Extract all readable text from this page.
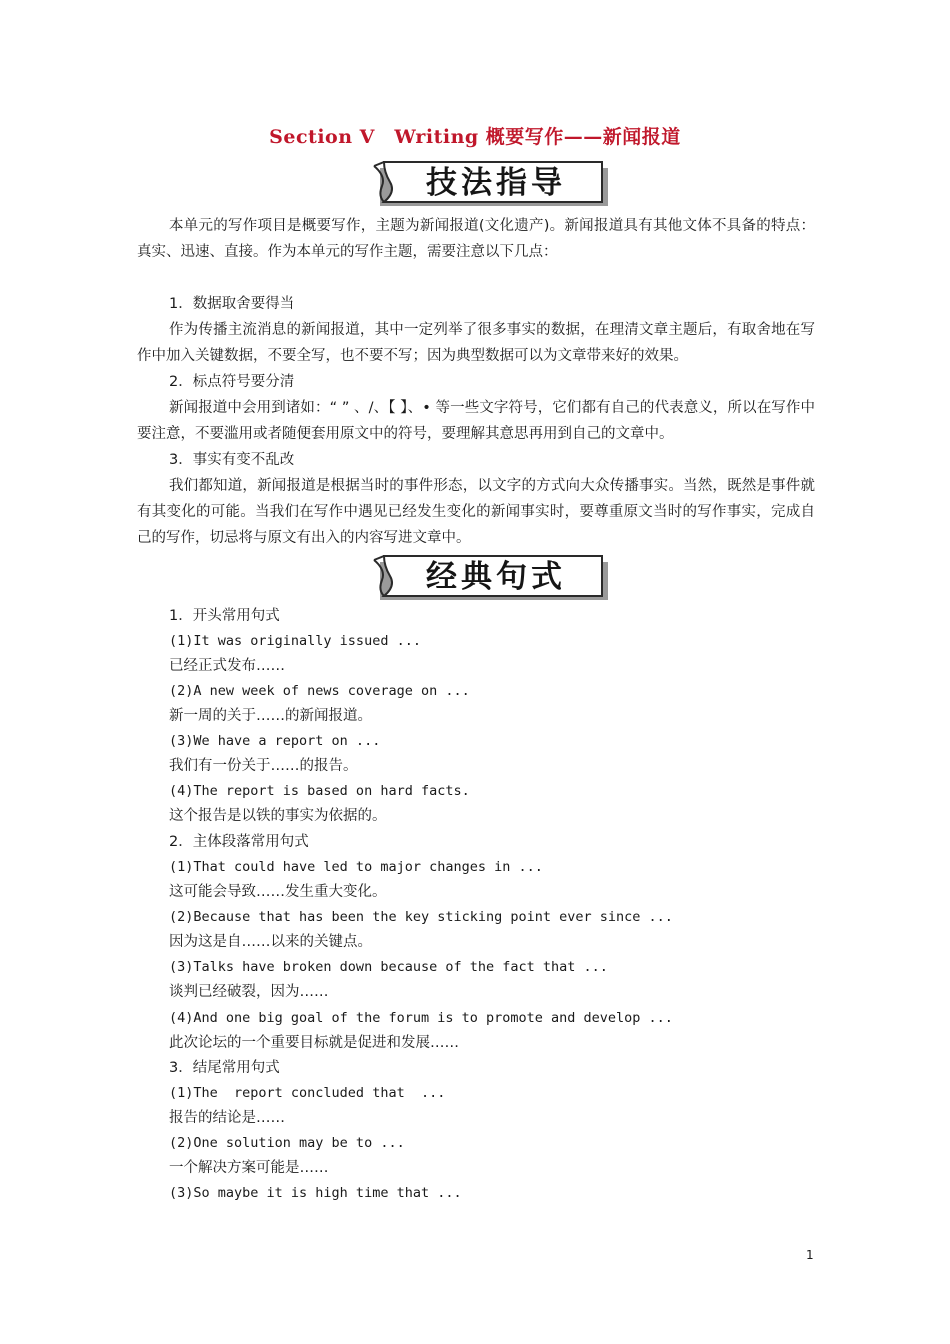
Section Ⅴ　Writing 概要写作——新闻报道
技法指导
本单元的写作项目是概要写作，主题为新闻报道(文化遗产)。新闻报道具有其他文体不具备的特点：真实、迅速、直接。作为本单元的写作主题，需要注意以下几点：
1．数据取舍要得当
作为传播主流消息的新闻报道，其中一定列举了很多事实的数据，在理清文章主题后，有取舍地在写作中加入关键数据，不要全写，也不要不写；因为典型数据可以为文章带来好的效果。
2．标点符号要分清
新闻报道中会用到诸如：“ ” 、/、【 】、• 等一些文字符号，它们都有自己的代表意义，所以在写作中要注意，不要滥用或者随便套用原文中的符号，要理解其意思再用到自己的文章中。
3．事实有变不乱改
我们都知道，新闻报道是根据当时的事件形态，以文字的方式向大众传播事实。当然，既然是事件就有其变化的可能。当我们在写作中遇见已经发生变化的新闻事实时，要尊重原文当时的写作事实，完成自己的写作，切忌将与原文有出入的内容写进文章中。
经典句式
1．开头常用句式
(1)It was originally issued ...
已经正式发布……
(2)A new week of news coverage on ...
新一周的关于……的新闻报道。
(3)We have a report on ...
我们有一份关于……的报告。
(4)The report is based on hard facts.
这个报告是以铁的事实为依据的。
2．主体段落常用句式
(1)That could have led to major changes in ...
这可能会导致……发生重大变化。
(2)Because that has been the key sticking point ever since ...
因为这是自……以来的关键点。
(3)Talks have broken down because of the fact that ...
谈判已经破裂，因为……
(4)And one big goal of the forum is to promote and develop ...
此次论坛的一个重要目标就是促进和发展……
3．结尾常用句式
(1)The  report concluded that  ...
报告的结论是……
(2)One solution may be to ...
一个解决方案可能是……
(3)So maybe it is high time that ...
1
